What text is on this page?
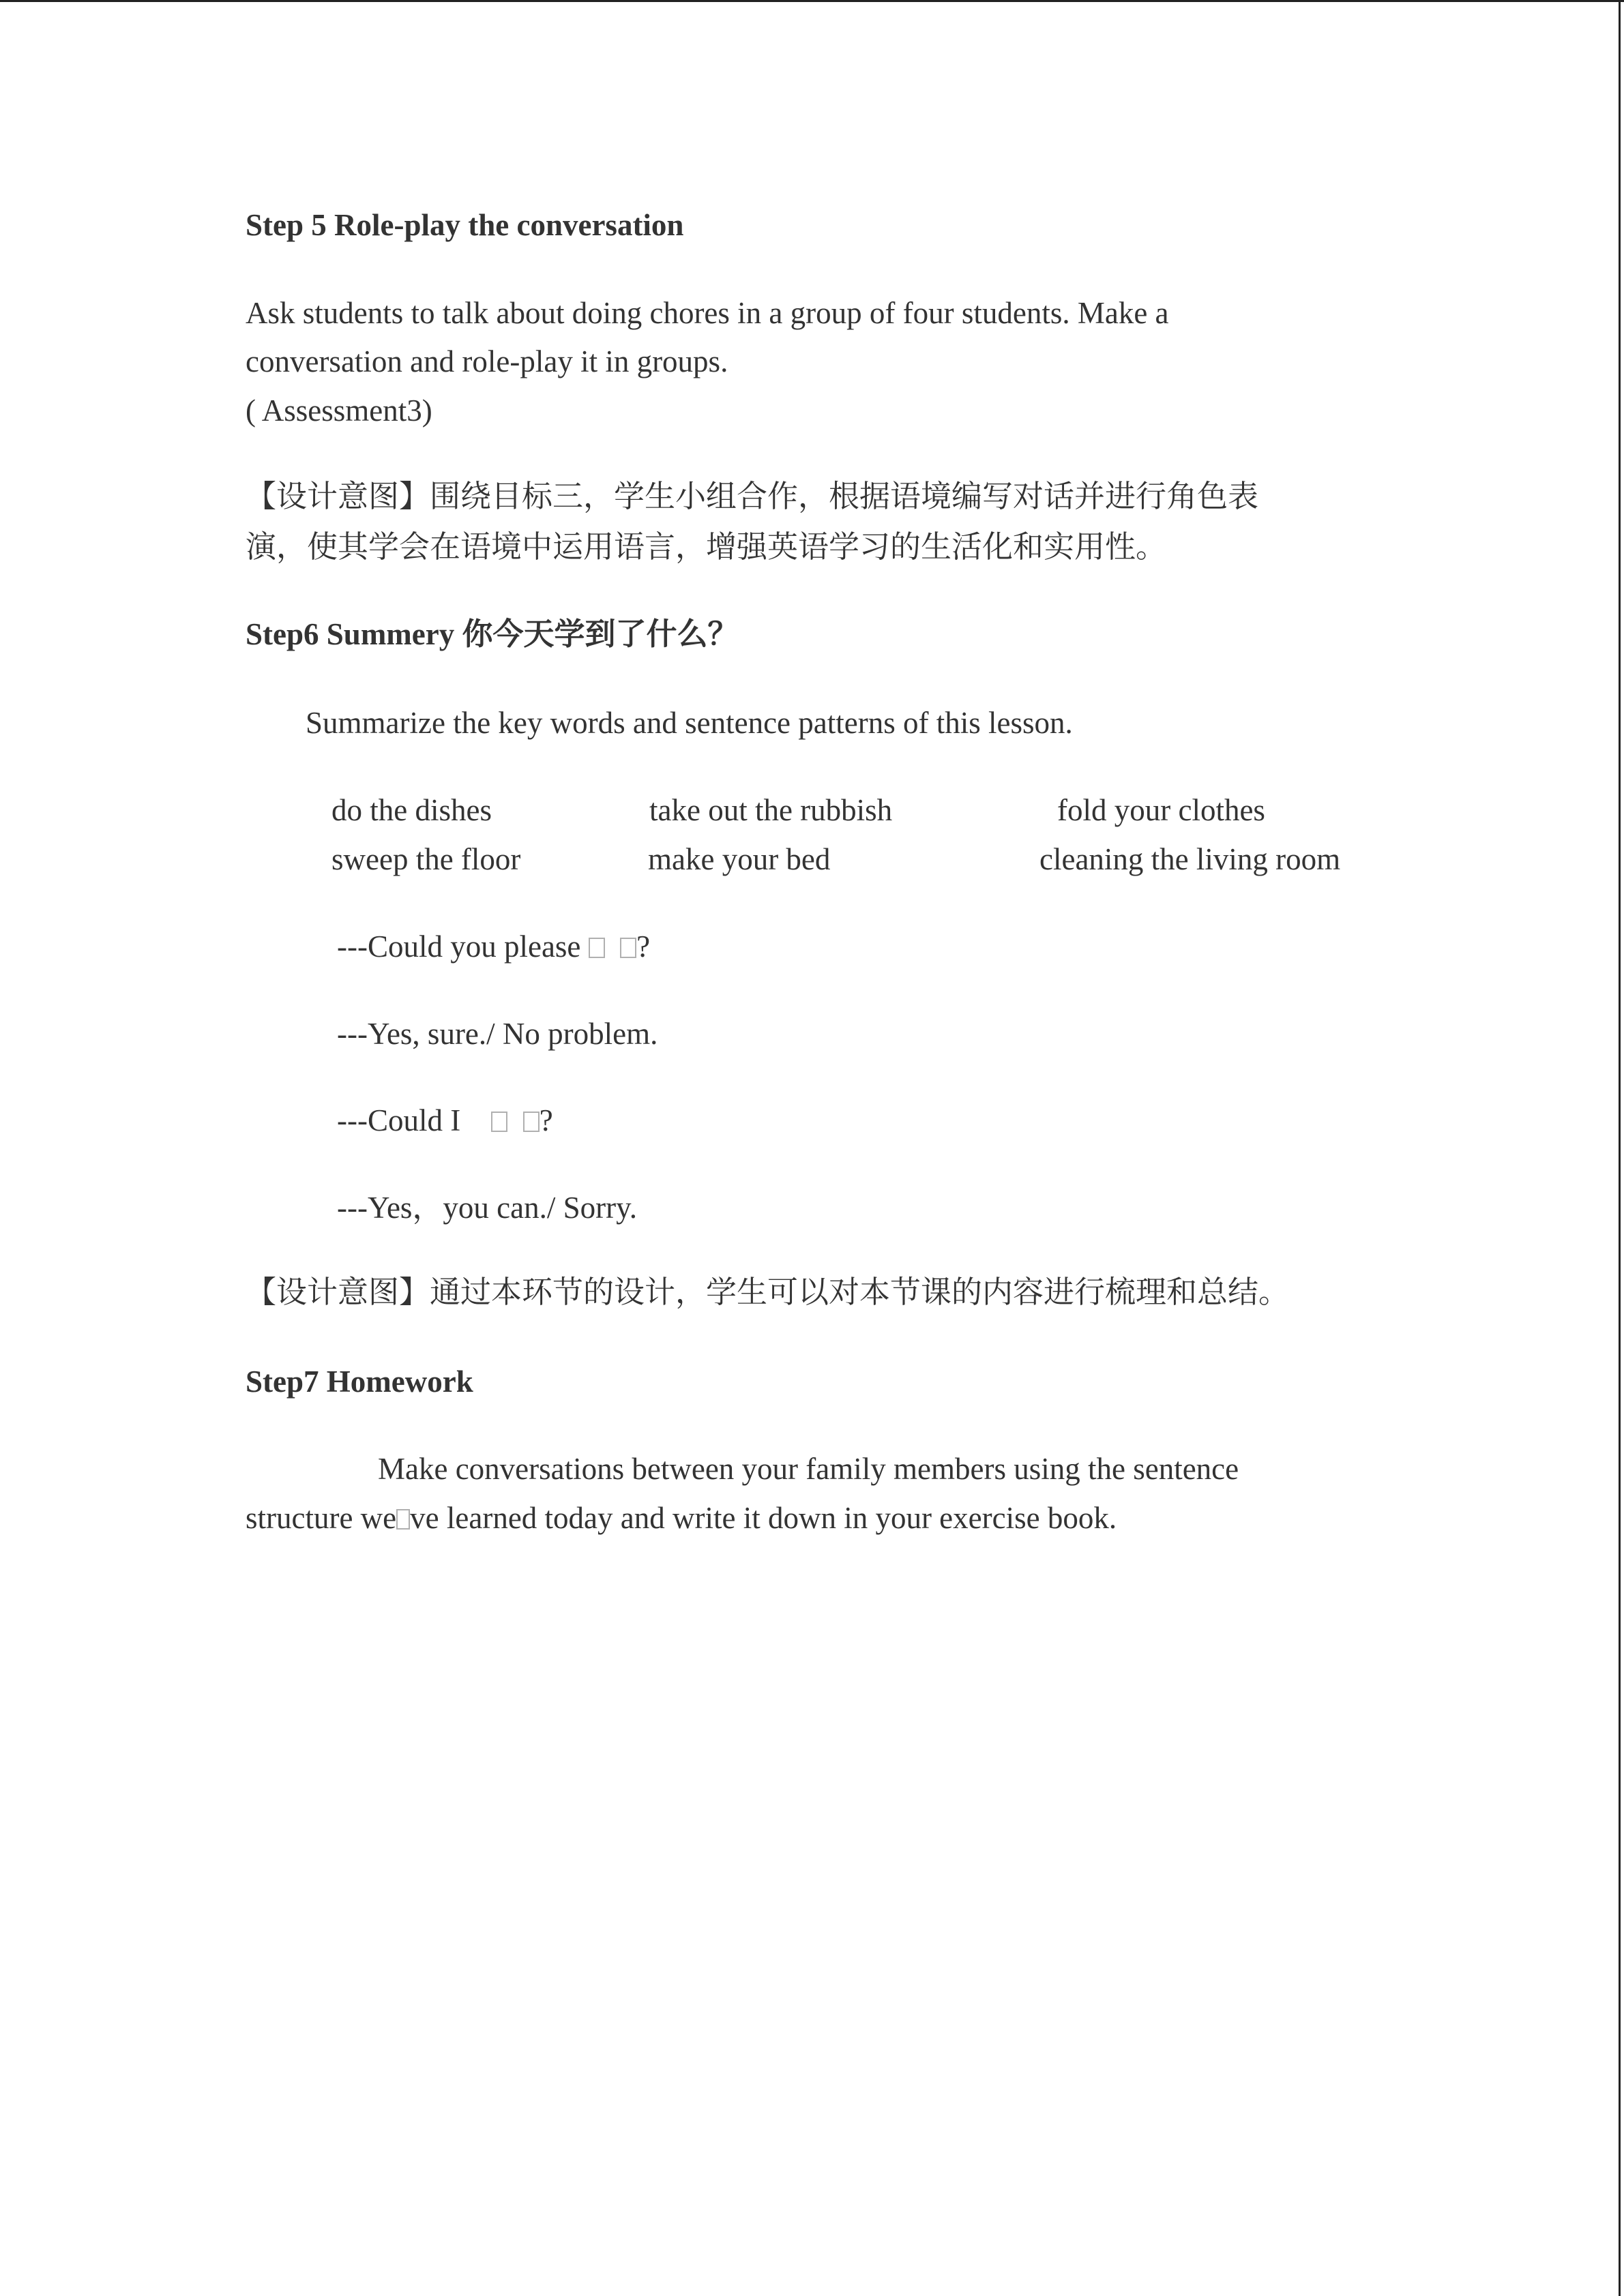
Step 5 Role-play the conversation
Ask students to talk about doing chores in a group of four students. Make a
conversation and role-play it in groups.
( Assessment3)
【设计意图】围绕目标三，学生小组合作，根据语境编写对话并进行角色表
演，使其学会在语境中运用语言，增强英语学习的生活化和实用性。
Step6 Summery 你今天学到了什么？
Summarize the key words and sentence patterns of this lesson.
do the dishes	take out the rubbish	fold your clothes
sweep the floor	make your bed	cleaning the living room
---Could you please   ?
---Yes, sure./ No problem.
---Could I      ?
---Yes，you can./ Sorry.
【设计意图】通过本环节的设计，学生可以对本节课的内容进行梳理和总结。
Step7 Homework
Make conversations between your family members using the sentence
structure we ve learned today and write it down in your exercise book.
